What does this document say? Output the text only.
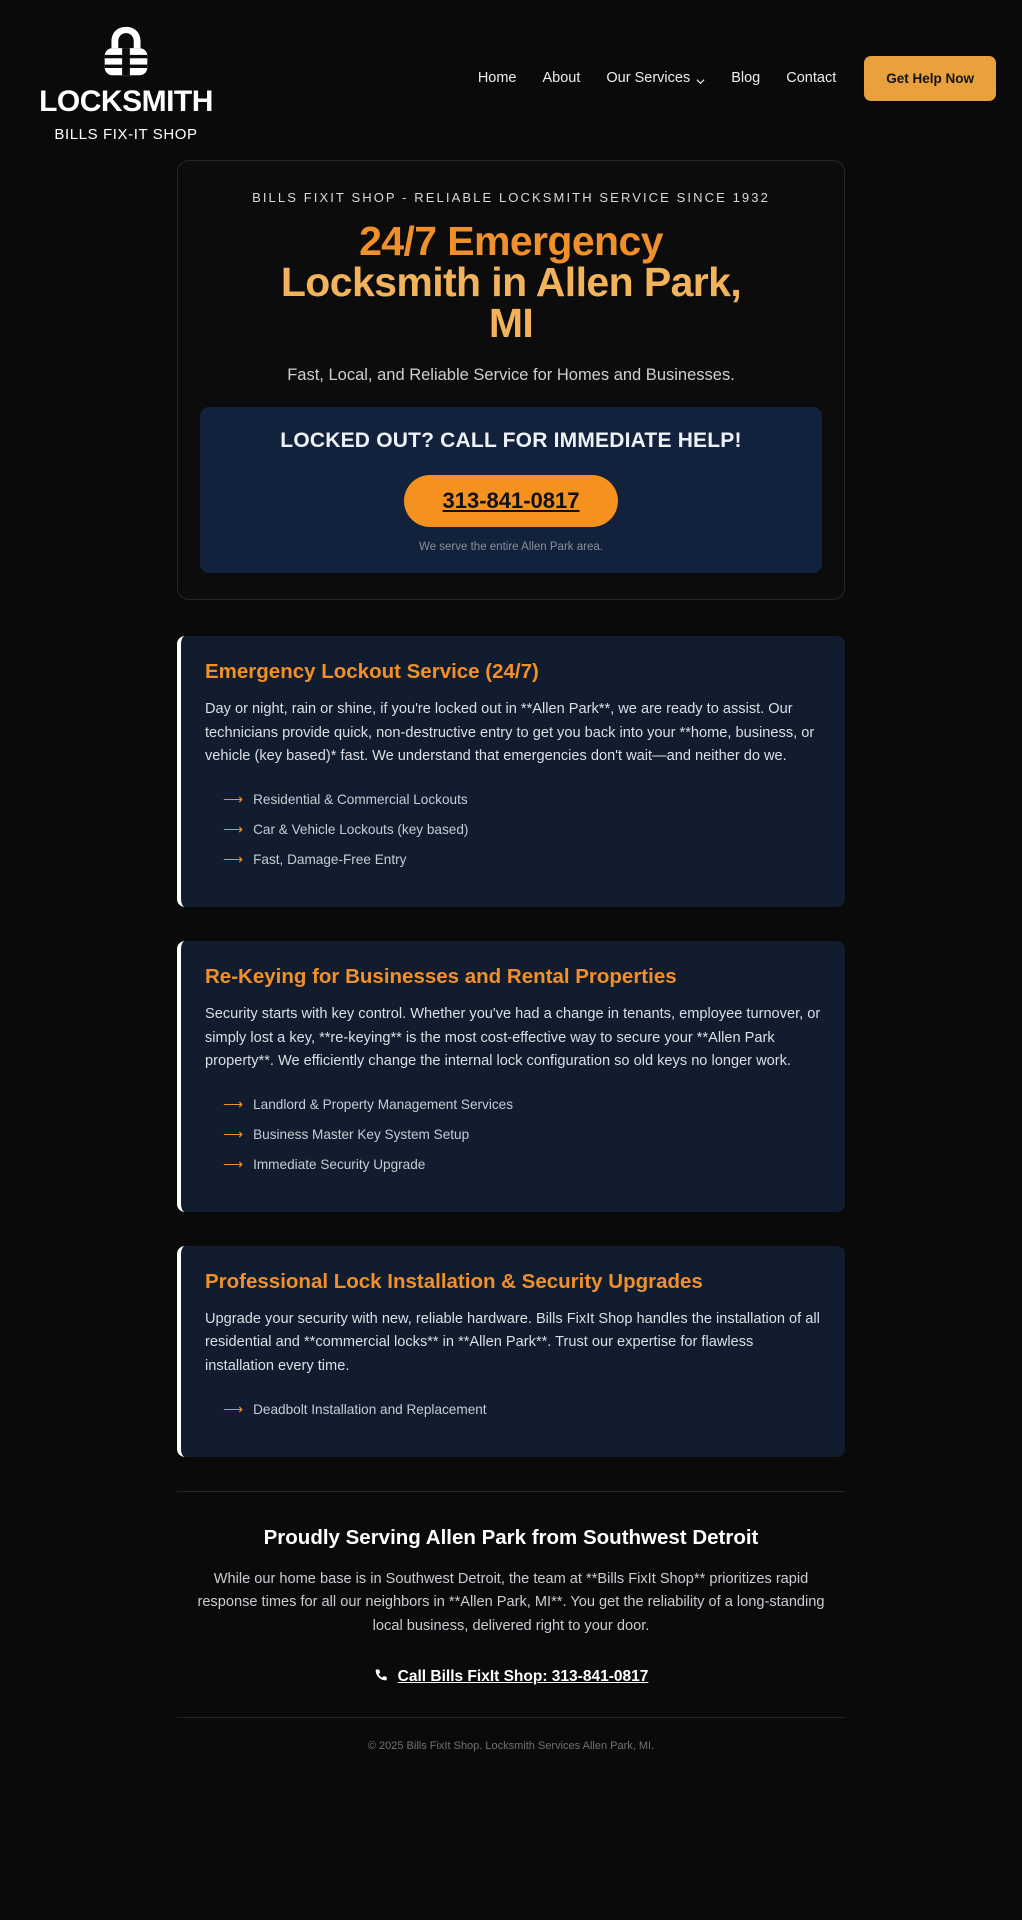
LOCKSMITH
BILLS FIX-IT SHOP
Home About Our Services	Blog Contact	Get Help Now
BILLS FIXIT SHOP - RELIABLE LOCKSMITH SERVICE SINCE 1932
24/7 Emergency
Locksmith in Allen Park,
MI

Fast, Local, and Reliable Service for Homes and Businesses.

LOCKED OUT? CALL FOR IMMEDIATE HELP!
313-841-0817
We serve the entire Allen Park area.
Emergency Lockout Service (24/7)

Day or night, rain or shine, if you're locked out in **Allen Park**, we are ready to assist. Our technicians provide quick, non-destructive entry to get you back into your **home, business, or vehicle (key based)* fast. We understand that emergencies don't wait—and neither do we.

⟶ Residential & Commercial Lockouts
⟶ Car & Vehicle Lockouts (key based)
⟶ Fast, Damage-Free Entry
Re-Keying for Businesses and Rental Properties

Security starts with key control. Whether you've had a change in tenants, employee turnover, or simply lost a key, **re-keying** is the most cost-effective way to secure your **Allen Park property**. We efficiently change the internal lock configuration so old keys no longer work.

⟶ Landlord & Property Management Services
⟶ Business Master Key System Setup
⟶ Immediate Security Upgrade
Professional Lock Installation & Security Upgrades

Upgrade your security with new, reliable hardware. Bills FixIt Shop handles the installation of all residential and **commercial locks** in **Allen Park**. Trust our expertise for flawless installation every time.

⟶ Deadbolt Installation and Replacement
Proudly Serving Allen Park from Southwest Detroit

While our home base is in Southwest Detroit, the team at **Bills FixIt Shop** prioritizes rapid response times for all our neighbors in **Allen Park, MI**. You get the reliability of a long-standing local business, delivered right to your door.

Call Bills FixIt Shop: 313-841-0817
© 2025 Bills FixIt Shop. Locksmith Services Allen Park, MI.
